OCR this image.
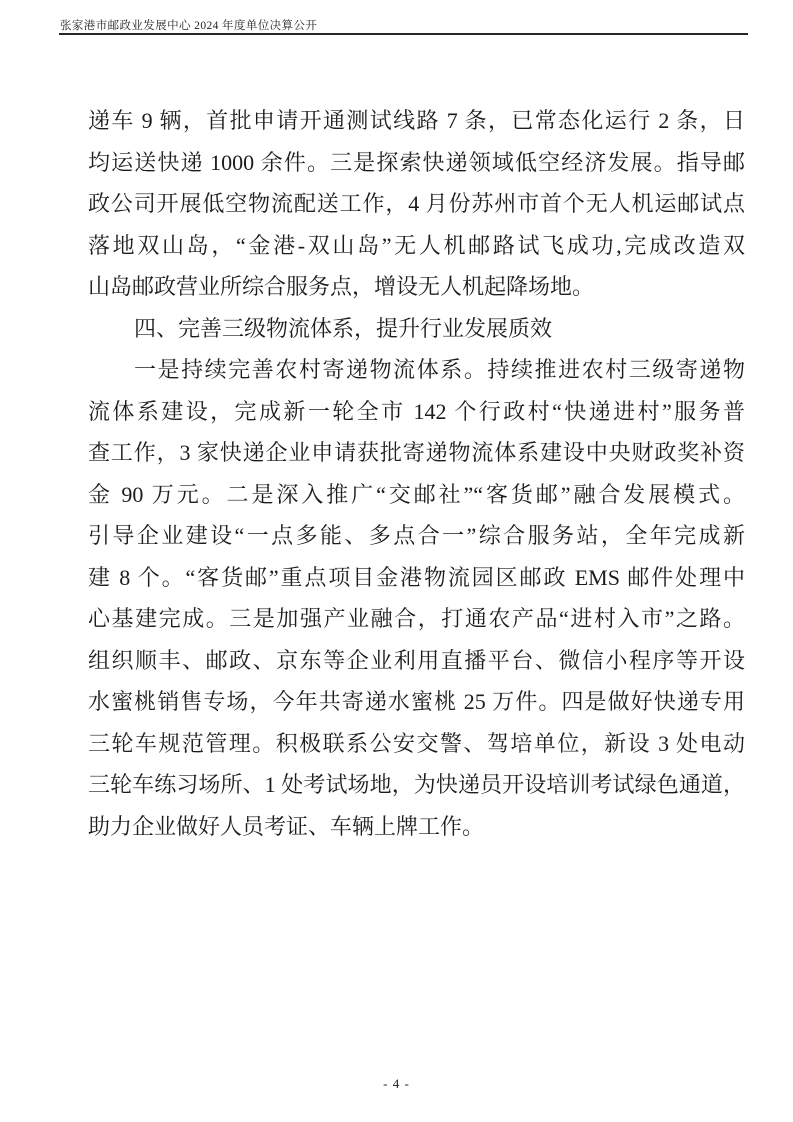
张家港市邮政业发展中心 2024 年度单位决算公开
递车 9 辆，首批申请开通测试线路 7 条，已常态化运行 2 条，日
均运送快递 1000 余件。三是探索快递领域低空经济发展。指导邮
政公司开展低空物流配送工作，4 月份苏州市首个无人机运邮试点
落地双山岛，“金港-双山岛”无人机邮路试飞成功,完成改造双
山岛邮政营业所综合服务点，增设无人机起降场地。
四、完善三级物流体系，提升行业发展质效
一是持续完善农村寄递物流体系。持续推进农村三级寄递物
流体系建设，完成新一轮全市 142 个行政村“快递进村”服务普
查工作，3 家快递企业申请获批寄递物流体系建设中央财政奖补资
金 90 万元。二是深入推广“交邮社”“客货邮”融合发展模式。
引导企业建设“一点多能、多点合一”综合服务站，全年完成新
建 8 个。“客货邮”重点项目金港物流园区邮政 EMS 邮件处理中
心基建完成。三是加强产业融合，打通农产品“进村入市”之路。
组织顺丰、邮政、京东等企业利用直播平台、微信小程序等开设
水蜜桃销售专场，今年共寄递水蜜桃 25 万件。四是做好快递专用
三轮车规范管理。积极联系公安交警、驾培单位，新设 3 处电动
三轮车练习场所、1 处考试场地，为快递员开设培训考试绿色通道，
助力企业做好人员考证、车辆上牌工作。
- 4 -
